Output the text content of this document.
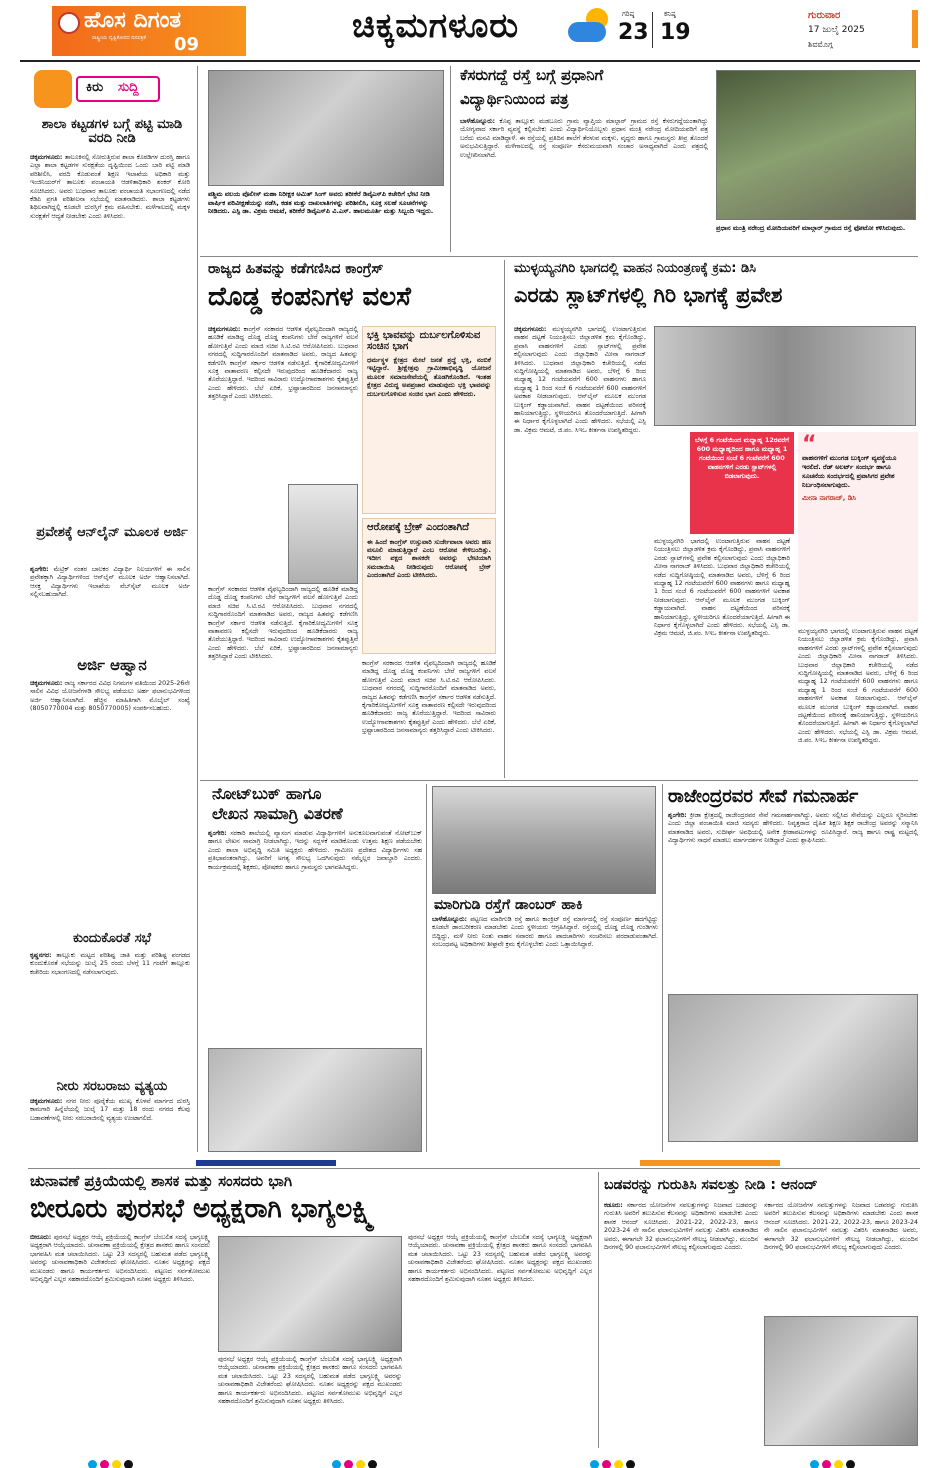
ಹೊಸ ದಿಗಂತ
ರಾಷ್ಟ್ರೀಯ ದೃಷ್ಟಿಕೋನದ ದಿನಪತ್ರಿಕೆ 09	ಚಿಕ್ಕಮಗಳೂರು	ಗರಿಷ್ಠ
23
ಕನಿಷ್ಠ
19
ಗುರುವಾರ
17 ಜುಲೈ 2025
ಶಿವಮೊಗ್ಗ
ಕಿರು ಸುದ್ದಿ
ಶಾಲಾ ಕಟ್ಟಡಗಳ ಬಗ್ಗೆ ಪಟ್ಟಿ ಮಾಡಿ ವರದಿ ನೀಡಿ
ಚಿಕ್ಕಮಗಳೂರು: ತಾಲೂಕಿನಲ್ಲಿ ಸೋರುತ್ತಿರುವ ಶಾಲಾ ಕೊಠಡಿಗಳ ದುರಸ್ತಿ ಹಾಗೂ ಎಲ್ಲಾ ಶಾಲಾ ಕಟ್ಟಡಗಳ ಸುರಕ್ಷತೆಯ ದೃಷ್ಟಿಯಿಂದ ಒಂದು ಬಾರಿ ಪಟ್ಟಿ ಮಾಡಿ ಪರಿಶೀಲಿಸಿ, ವರದಿ ಕೊಡುವಂತೆ ಶಿಕ್ಷಣ ಇಲಾಖೆಯ ಅಧಿಕಾರಿ ಮತ್ತು ಇಂಜಿನಿಯರ್‌ಗೆ ತಾಲೂಕು ಪಂಚಾಯತಿ ಆಡಳಿತಾಧಿಕಾರಿ ಶಂಕರ್ ಕೋರಿ ಸೂಚಿಸಿದರು. ಅವರು ಬುಧವಾರ ತಾಲೂಕು ಪಂಚಾಯತಿ ಸಭಾಂಗಣದಲ್ಲಿ ನಡೆದ ಕೆಡಿಪಿ ಪ್ರಗತಿ ಪರಿಶೀಲನಾ ಸಭೆಯಲ್ಲಿ ಮಾತನಾಡಿದರು. ಶಾಲಾ ಕಟ್ಟಡಗಳು ಶಿಥಿಲವಾಗಿದ್ದಲ್ಲಿ ಕೂಡಲೇ ದುರಸ್ತಿಗೆ ಕ್ರಮ ವಹಿಸಬೇಕು. ಮಳೆಗಾಲದಲ್ಲಿ ಮಕ್ಕಳ ಸುರಕ್ಷತೆಗೆ ಆದ್ಯತೆ ನೀಡಬೇಕು ಎಂದು ತಿಳಿಸಿದರು.
ಪ್ರವೇಶಕ್ಕೆ ಆನ್‌ಲೈನ್ ಮೂಲಕ ಅರ್ಜಿ
ಶೃಂಗೇರಿ: ಮೆಟ್ರಿಕ್ ನಂತರ ಬಾಲಕರ ವಿದ್ಯಾರ್ಥಿ ನಿಲಯಗಳಿಗೆ ಈ ಸಾಲಿನ ಪ್ರವೇಶಕ್ಕಾಗಿ ವಿದ್ಯಾರ್ಥಿಗಳಿಂದ ಆನ್‌ಲೈನ್ ಮೂಲಕ ಅರ್ಜಿ ಆಹ್ವಾನಿಸಲಾಗಿದೆ. ಆಸಕ್ತ ವಿದ್ಯಾರ್ಥಿಗಳು ಇಲಾಖೆಯ ವೆಬ್‌ಸೈಟ್ ಮೂಲಕ ಅರ್ಜಿ ಸಲ್ಲಿಸಬಹುದಾಗಿದೆ.
ಅರ್ಜಿ ಆಹ್ವಾನ
ಚಿಕ್ಕಮಗಳೂರು: ರಾಜ್ಯ ಸರ್ಕಾರದ ವಿವಿಧ ನಿಗಮಗಳ ವತಿಯಿಂದ 2025-26ನೇ ಸಾಲಿನ ವಿವಿಧ ಯೋಜನೆಗಳಡಿ ಸೌಲಭ್ಯ ಪಡೆಯಲು ಅರ್ಹ ಫಲಾನುಭವಿಗಳಿಂದ ಅರ್ಜಿ ಆಹ್ವಾನಿಸಲಾಗಿದೆ. ಹೆಚ್ಚಿನ ಮಾಹಿತಿಗಾಗಿ ಮೊಬೈಲ್ ಸಂಖ್ಯೆ (8050770004 ಮತ್ತು 8050770005) ಸಂಪರ್ಕಿಸಬಹುದು.
ಕುಂದುಕೊರತೆ ಸಭೆ
ಕೃಷ್ಣನಗರ: ತಾಲ್ಲೂಕು ಮಟ್ಟದ ಪರಿಶಿಷ್ಟ ಜಾತಿ ಮತ್ತು ಪರಿಶಿಷ್ಟ ಪಂಗಡದ ಕುಂದುಕೊರತೆ ಸಭೆಯನ್ನು ಜುಲೈ 25 ರಂದು ಬೆಳಗ್ಗೆ 11 ಗಂಟೆಗೆ ತಾಲ್ಲೂಕು ಕಚೇರಿಯ ಸಭಾಂಗಣದಲ್ಲಿ ನಡೆಸಲಾಗುವುದು.
ನೀರು ಸರಬರಾಜು ವ್ಯತ್ಯಯ
ಚಿಕ್ಕಮಗಳೂರು: ನಗರ ನೀರು ಪೂರೈಕೆಯ ಮುಖ್ಯ ಕೊಳವೆ ಮಾರ್ಗದ ದುರಸ್ತಿ ಕಾಮಗಾರಿ ಹಿನ್ನೆಲೆಯಲ್ಲಿ ಜುಲೈ 17 ಮತ್ತು 18 ರಂದು ನಗರದ ಕೆಲವು ಬಡಾವಣೆಗಳಲ್ಲಿ ನೀರು ಸರಬರಾಜಿನಲ್ಲಿ ವ್ಯತ್ಯಯ ಉಂಟಾಗಲಿದೆ.
ಪಶ್ಚಿಮ ವಲಯ ಪೊಲೀಸ್ ಮಹಾ ನಿರೀಕ್ಷಕ ಅಮಿತ್ ಸಿಂಗ್ ಅವರು ತರೀಕೆರೆ ಡಿವೈಎಸ್‌ಪಿ ಕಚೇರಿಗೆ ಭೇಟಿ ನೀಡಿ ವಾರ್ಷಿಕ ಪರಿವೀಕ್ಷಣೆಯನ್ನು ನಡೆಸಿ, ಕಡತ ಮತ್ತು ದಾಖಲಾತಿಗಳನ್ನು ಪರಿಶೀಲಿಸಿ, ಸೂಕ್ತ ಸಲಹೆ ಸೂಚನೆಗಳನ್ನು ನೀಡಿದರು. ಎಸ್ಪಿ ಡಾ. ವಿಕ್ರಮ ಆಮಟೆ, ತರೀಕೆರೆ ಡಿವೈಎಸ್‌ಪಿ ವಿ.ಎಸ್. ಹಾಲಮೂರ್ತಿ ಮತ್ತು ಸಿಬ್ಬಂದಿ ಇದ್ದರು.
ಕೆಸರುಗದ್ದೆ ರಸ್ತೆ ಬಗ್ಗೆ ಪ್ರಧಾನಿಗೆ
ವಿದ್ಯಾರ್ಥಿನಿಯಿಂದ ಪತ್ರ
ಬಾಳೆಹೊನ್ನೂರು: ಕೊಪ್ಪ ತಾಲ್ಲೂಕು ಮಡಬೂರು ಗ್ರಾಮ ವ್ಯಾಪ್ತಿಯ ಮಾಲ್ಗಾರ್ ಗ್ರಾಮದ ರಸ್ತೆ ಕೆಸರುಗದ್ದೆಯಂತಾಗಿದ್ದು ಯೋಗ್ಯವಾದ ಸರ್ಕಾರಿ ವ್ಯವಸ್ಥೆ ಕಲ್ಪಿಸಬೇಕು ಎಂದು ವಿದ್ಯಾರ್ಥಿನಿಯೊಬ್ಬಳು ಪ್ರಧಾನ ಮಂತ್ರಿ ನರೇಂದ್ರ ಮೋದಿಯವರಿಗೆ ಪತ್ರ ಬರೆದು ಮನವಿ ಮಾಡಿದ್ದಾಳೆ. ಈ ರಸ್ತೆಯಲ್ಲಿ ಪ್ರತಿದಿನ ಶಾಲೆಗೆ ತೆರಳುವ ಮಕ್ಕಳು, ವೃದ್ಧರು ಹಾಗೂ ಗ್ರಾಮಸ್ಥರು ತೀವ್ರ ತೊಂದರೆ ಅನುಭವಿಸುತ್ತಿದ್ದಾರೆ. ಮಳೆಗಾಲದಲ್ಲಿ ರಸ್ತೆ ಸಂಪೂರ್ಣ ಕೆಸರುಮಯವಾಗಿ ಸಂಚಾರ ಅಸಾಧ್ಯವಾಗಿದೆ ಎಂದು ಪತ್ರದಲ್ಲಿ ಉಲ್ಲೇಖಿಸಲಾಗಿದೆ.
ಪ್ರಧಾನ ಮಂತ್ರಿ ನರೇಂದ್ರ ಮೋದಿಯವರಿಗೆ ಮಾಲ್ಗಾರ್ ಗ್ರಾಮದ ರಸ್ತೆ ಫೋಟೋ ಕಳಿಸಿರುವುದು.
ರಾಜ್ಯದ ಹಿತವನ್ನು ಕಡೆಗಣಿಸಿದ ಕಾಂಗ್ರೆಸ್
ದೊಡ್ಡ ಕಂಪನಿಗಳ ವಲಸೆ
ಚಿಕ್ಕಮಗಳೂರು: ಕಾಂಗ್ರೆಸ್ ಸರಕಾರದ ಆಡಳಿತ ವೈಫಲ್ಯದಿಂದಾಗಿ ರಾಜ್ಯದಲ್ಲಿ ಹೂಡಿಕೆ ಮಾಡಿದ್ದ ದೊಡ್ಡ ದೊಡ್ಡ ಕಂಪನಿಗಳು ಬೇರೆ ರಾಜ್ಯಗಳಿಗೆ ವಲಸೆ ಹೋಗುತ್ತಿವೆ ಎಂದು ಮಾಜಿ ಸಚಿವ ಸಿ.ಟಿ.ರವಿ ಆರೋಪಿಸಿದರು. ಬುಧವಾರ ನಗರದಲ್ಲಿ ಸುದ್ದಿಗಾರರೊಂದಿಗೆ ಮಾತನಾಡಿದ ಅವರು, ರಾಜ್ಯದ ಹಿತವನ್ನು ಕಡೆಗಣಿಸಿ ಕಾಂಗ್ರೆಸ್ ಸರ್ಕಾರ ಆಡಳಿತ ನಡೆಸುತ್ತಿದೆ. ಕೈಗಾರಿಕೋದ್ಯಮಿಗಳಿಗೆ ಸೂಕ್ತ ವಾತಾವರಣ ಕಲ್ಪಿಸದೇ ಇರುವುದರಿಂದ ಹೂಡಿಕೆದಾರರು ರಾಜ್ಯ ತೊರೆಯುತ್ತಿದ್ದಾರೆ. ಇದರಿಂದ ಸಾವಿರಾರು ಉದ್ಯೋಗಾವಕಾಶಗಳು ಕೈತಪ್ಪುತ್ತಿವೆ ಎಂದು ಹೇಳಿದರು. ಬೆಲೆ ಏರಿಕೆ, ಭ್ರಷ್ಟಾಚಾರದಿಂದ ಜನಸಾಮಾನ್ಯರು ತತ್ತರಿಸಿದ್ದಾರೆ ಎಂದು ಟೀಕಿಸಿದರು.
ಕಾಂಗ್ರೆಸ್ ಸರಕಾರದ ಆಡಳಿತ ವೈಫಲ್ಯದಿಂದಾಗಿ ರಾಜ್ಯದಲ್ಲಿ ಹೂಡಿಕೆ ಮಾಡಿದ್ದ ದೊಡ್ಡ ದೊಡ್ಡ ಕಂಪನಿಗಳು ಬೇರೆ ರಾಜ್ಯಗಳಿಗೆ ವಲಸೆ ಹೋಗುತ್ತಿವೆ ಎಂದು ಮಾಜಿ ಸಚಿವ ಸಿ.ಟಿ.ರವಿ ಆರೋಪಿಸಿದರು. ಬುಧವಾರ ನಗರದಲ್ಲಿ ಸುದ್ದಿಗಾರರೊಂದಿಗೆ ಮಾತನಾಡಿದ ಅವರು, ರಾಜ್ಯದ ಹಿತವನ್ನು ಕಡೆಗಣಿಸಿ ಕಾಂಗ್ರೆಸ್ ಸರ್ಕಾರ ಆಡಳಿತ ನಡೆಸುತ್ತಿದೆ. ಕೈಗಾರಿಕೋದ್ಯಮಿಗಳಿಗೆ ಸೂಕ್ತ ವಾತಾವರಣ ಕಲ್ಪಿಸದೇ ಇರುವುದರಿಂದ ಹೂಡಿಕೆದಾರರು ರಾಜ್ಯ ತೊರೆಯುತ್ತಿದ್ದಾರೆ. ಇದರಿಂದ ಸಾವಿರಾರು ಉದ್ಯೋಗಾವಕಾಶಗಳು ಕೈತಪ್ಪುತ್ತಿವೆ ಎಂದು ಹೇಳಿದರು. ಬೆಲೆ ಏರಿಕೆ, ಭ್ರಷ್ಟಾಚಾರದಿಂದ ಜನಸಾಮಾನ್ಯರು ತತ್ತರಿಸಿದ್ದಾರೆ ಎಂದು ಟೀಕಿಸಿದರು.
ಭಕ್ತಿ ಭಾವವನ್ನು ದುರ್ಬಲಗೊಳಿಸುವ ಸಂಚಿನ ಭಾಗ
ಧರ್ಮಸ್ಥಳ ಕ್ಷೇತ್ರದ ಮೇಲೆ ಜನತೆ ಶ್ರದ್ಧೆ ಭಕ್ತಿ, ನಂಬಿಕೆ ಇಟ್ಟಿದ್ದಾರೆ. ಶ್ರೀಕ್ಷೇತ್ರವು ಗ್ರಾಮೀಣಾಭಿವೃದ್ಧಿ ಯೋಜನೆ ಮೂಲಕ ಸಮಾಜಸೇವೆಯಲ್ಲಿ ತೊಡಗಿಕೊಂಡಿದೆ. ಇಂತಹ ಕ್ಷೇತ್ರದ ವಿರುದ್ಧ ಅಪಪ್ರಚಾರ ಮಾಡುವುದು ಭಕ್ತಿ ಭಾವವನ್ನು ದುರ್ಬಲಗೊಳಿಸುವ ಸಂಚಿನ ಭಾಗ ಎಂದು ಹೇಳಿದರು.
ಆರೋಪಕ್ಕೆ ಬ್ರೇಕ್ ಎಂದಂತಾಗಿದೆ
ಈ ಹಿಂದೆ ಕಾಂಗ್ರೆಸ್ ಉಸ್ತುವಾರಿ ಸುರ್ಜೇವಾಲಾ ಅವರು ಹಣ ವಸೂಲಿ ಮಾಡುತ್ತಿದ್ದಾರೆ ಎಂಬ ಆರೋಪ ಕೇಳಿಬಂದಿತ್ತು. ಇದೀಗ ಪಕ್ಷದ ಶಾಸಕರೇ ಅವರನ್ನು ಭೇಟಿಯಾಗಿ ಸಮಜಾಯಿಷಿ ನೀಡಿರುವುದು ಆರೋಪಕ್ಕೆ ಬ್ರೇಕ್ ಎಂದಂತಾಗಿದೆ ಎಂದು ಟೀಕಿಸಿದರು.
ಕಾಂಗ್ರೆಸ್ ಸರಕಾರದ ಆಡಳಿತ ವೈಫಲ್ಯದಿಂದಾಗಿ ರಾಜ್ಯದಲ್ಲಿ ಹೂಡಿಕೆ ಮಾಡಿದ್ದ ದೊಡ್ಡ ದೊಡ್ಡ ಕಂಪನಿಗಳು ಬೇರೆ ರಾಜ್ಯಗಳಿಗೆ ವಲಸೆ ಹೋಗುತ್ತಿವೆ ಎಂದು ಮಾಜಿ ಸಚಿವ ಸಿ.ಟಿ.ರವಿ ಆರೋಪಿಸಿದರು. ಬುಧವಾರ ನಗರದಲ್ಲಿ ಸುದ್ದಿಗಾರರೊಂದಿಗೆ ಮಾತನಾಡಿದ ಅವರು, ರಾಜ್ಯದ ಹಿತವನ್ನು ಕಡೆಗಣಿಸಿ ಕಾಂಗ್ರೆಸ್ ಸರ್ಕಾರ ಆಡಳಿತ ನಡೆಸುತ್ತಿದೆ. ಕೈಗಾರಿಕೋದ್ಯಮಿಗಳಿಗೆ ಸೂಕ್ತ ವಾತಾವರಣ ಕಲ್ಪಿಸದೇ ಇರುವುದರಿಂದ ಹೂಡಿಕೆದಾರರು ರಾಜ್ಯ ತೊರೆಯುತ್ತಿದ್ದಾರೆ. ಇದರಿಂದ ಸಾವಿರಾರು ಉದ್ಯೋಗಾವಕಾಶಗಳು ಕೈತಪ್ಪುತ್ತಿವೆ ಎಂದು ಹೇಳಿದರು. ಬೆಲೆ ಏರಿಕೆ, ಭ್ರಷ್ಟಾಚಾರದಿಂದ ಜನಸಾಮಾನ್ಯರು ತತ್ತರಿಸಿದ್ದಾರೆ ಎಂದು ಟೀಕಿಸಿದರು.
ಮುಳ್ಳಯ್ಯನಗಿರಿ ಭಾಗದಲ್ಲಿ ವಾಹನ ನಿಯಂತ್ರಣಕ್ಕೆ ಕ್ರಮ: ಡಿಸಿ
ಎರಡು ಸ್ಲಾಟ್‌ಗಳಲ್ಲಿ ಗಿರಿ ಭಾಗಕ್ಕೆ ಪ್ರವೇಶ
ಚಿಕ್ಕಮಗಳೂರು: ಮುಳ್ಳಯ್ಯನಗಿರಿ ಭಾಗದಲ್ಲಿ ಉಂಟಾಗುತ್ತಿರುವ ವಾಹನ ದಟ್ಟಣೆ ನಿಯಂತ್ರಿಸಲು ಜಿಲ್ಲಾಡಳಿತ ಕ್ರಮ ಕೈಗೊಂಡಿದ್ದು, ಪ್ರವಾಸಿ ವಾಹನಗಳಿಗೆ ಎರಡು ಸ್ಲಾಟ್‌ಗಳಲ್ಲಿ ಪ್ರವೇಶ ಕಲ್ಪಿಸಲಾಗುವುದು ಎಂದು ಜಿಲ್ಲಾಧಿಕಾರಿ ಮೀನಾ ನಾಗರಾಜ್ ತಿಳಿಸಿದರು. ಬುಧವಾರ ಜಿಲ್ಲಾಧಿಕಾರಿ ಕಚೇರಿಯಲ್ಲಿ ನಡೆದ ಸುದ್ದಿಗೋಷ್ಠಿಯಲ್ಲಿ ಮಾತನಾಡಿದ ಅವರು, ಬೆಳಿಗ್ಗೆ 6 ರಿಂದ ಮಧ್ಯಾಹ್ನ 12 ಗಂಟೆಯವರೆಗೆ 600 ವಾಹನಗಳು ಹಾಗೂ ಮಧ್ಯಾಹ್ನ 1 ರಿಂದ ಸಂಜೆ 6 ಗಂಟೆಯವರೆಗೆ 600 ವಾಹನಗಳಿಗೆ ಅವಕಾಶ ನೀಡಲಾಗುವುದು. ಆನ್‌ಲೈನ್ ಮೂಲಕ ಮುಂಗಡ ಬುಕ್ಕಿಂಗ್ ಕಡ್ಡಾಯವಾಗಿದೆ. ವಾಹನ ದಟ್ಟಣೆಯಿಂದ ಪರಿಸರಕ್ಕೆ ಹಾನಿಯಾಗುತ್ತಿದ್ದು, ಸ್ಥಳೀಯರಿಗೂ ತೊಂದರೆಯಾಗುತ್ತಿದೆ. ಹೀಗಾಗಿ ಈ ನಿರ್ಧಾರ ಕೈಗೊಳ್ಳಲಾಗಿದೆ ಎಂದು ಹೇಳಿದರು. ಸಭೆಯಲ್ಲಿ ಎಸ್ಪಿ ಡಾ. ವಿಕ್ರಮ ಆಮಟೆ, ಜಿ.ಪಂ. ಸಿಇಒ ಕೀರ್ತನಾ ಉಪಸ್ಥಿತರಿದ್ದರು.
ಬೆಳಗ್ಗೆ 6 ಗಂಟೆಯಿಂದ ಮಧ್ಯಾಹ್ನ 12ರವರೆಗೆ 600 ಮಧ್ಯಾಹ್ನದಿಂದ ಹಾಗೂ ಮಧ್ಯಾಹ್ನ 1 ಗಂಟೆಯಿಂದ ಸಂಜೆ 6 ಗಂಟೆವರೆಗೆ 600 ವಾಹನಗಳಿಗೆ ಎರಡು ಸ್ಲಾಟ್‌ಗಳಲ್ಲಿ ಬಿಡಲಾಗುವುದು.
ಮುಳ್ಳಯ್ಯನಗಿರಿ ಭಾಗದಲ್ಲಿ ಉಂಟಾಗುತ್ತಿರುವ ವಾಹನ ದಟ್ಟಣೆ ನಿಯಂತ್ರಿಸಲು ಜಿಲ್ಲಾಡಳಿತ ಕ್ರಮ ಕೈಗೊಂಡಿದ್ದು, ಪ್ರವಾಸಿ ವಾಹನಗಳಿಗೆ ಎರಡು ಸ್ಲಾಟ್‌ಗಳಲ್ಲಿ ಪ್ರವೇಶ ಕಲ್ಪಿಸಲಾಗುವುದು ಎಂದು ಜಿಲ್ಲಾಧಿಕಾರಿ ಮೀನಾ ನಾಗರಾಜ್ ತಿಳಿಸಿದರು. ಬುಧವಾರ ಜಿಲ್ಲಾಧಿಕಾರಿ ಕಚೇರಿಯಲ್ಲಿ ನಡೆದ ಸುದ್ದಿಗೋಷ್ಠಿಯಲ್ಲಿ ಮಾತನಾಡಿದ ಅವರು, ಬೆಳಿಗ್ಗೆ 6 ರಿಂದ ಮಧ್ಯಾಹ್ನ 12 ಗಂಟೆಯವರೆಗೆ 600 ವಾಹನಗಳು ಹಾಗೂ ಮಧ್ಯಾಹ್ನ 1 ರಿಂದ ಸಂಜೆ 6 ಗಂಟೆಯವರೆಗೆ 600 ವಾಹನಗಳಿಗೆ ಅವಕಾಶ ನೀಡಲಾಗುವುದು. ಆನ್‌ಲೈನ್ ಮೂಲಕ ಮುಂಗಡ ಬುಕ್ಕಿಂಗ್ ಕಡ್ಡಾಯವಾಗಿದೆ. ವಾಹನ ದಟ್ಟಣೆಯಿಂದ ಪರಿಸರಕ್ಕೆ ಹಾನಿಯಾಗುತ್ತಿದ್ದು, ಸ್ಥಳೀಯರಿಗೂ ತೊಂದರೆಯಾಗುತ್ತಿದೆ. ಹೀಗಾಗಿ ಈ ನಿರ್ಧಾರ ಕೈಗೊಳ್ಳಲಾಗಿದೆ ಎಂದು ಹೇಳಿದರು. ಸಭೆಯಲ್ಲಿ ಎಸ್ಪಿ ಡಾ. ವಿಕ್ರಮ ಆಮಟೆ, ಜಿ.ಪಂ. ಸಿಇಒ ಕೀರ್ತನಾ ಉಪಸ್ಥಿತರಿದ್ದರು.
“
ವಾಹನಗಳಿಗೆ ಮುಂಗಡ ಬುಕ್ಕಿಂಗ್ ವ್ಯವಸ್ಥೆಯೂ ಇರಲಿದೆ. ರೆಡ್ ಅಲರ್ಟ್ ಸಂದರ್ಭ ಹಾಗೂ ಸೂಚನೆಯ ಸಂದರ್ಭದಲ್ಲಿ ಪ್ರವಾಸಿಗರ ಪ್ರವೇಶ ನಿರ್ಬಂಧಿಸಲಾಗುವುದು.
ಮೀನಾ ನಾಗರಾಜ್, ಡಿಸಿ
ಮುಳ್ಳಯ್ಯನಗಿರಿ ಭಾಗದಲ್ಲಿ ಉಂಟಾಗುತ್ತಿರುವ ವಾಹನ ದಟ್ಟಣೆ ನಿಯಂತ್ರಿಸಲು ಜಿಲ್ಲಾಡಳಿತ ಕ್ರಮ ಕೈಗೊಂಡಿದ್ದು, ಪ್ರವಾಸಿ ವಾಹನಗಳಿಗೆ ಎರಡು ಸ್ಲಾಟ್‌ಗಳಲ್ಲಿ ಪ್ರವೇಶ ಕಲ್ಪಿಸಲಾಗುವುದು ಎಂದು ಜಿಲ್ಲಾಧಿಕಾರಿ ಮೀನಾ ನಾಗರಾಜ್ ತಿಳಿಸಿದರು. ಬುಧವಾರ ಜಿಲ್ಲಾಧಿಕಾರಿ ಕಚೇರಿಯಲ್ಲಿ ನಡೆದ ಸುದ್ದಿಗೋಷ್ಠಿಯಲ್ಲಿ ಮಾತನಾಡಿದ ಅವರು, ಬೆಳಿಗ್ಗೆ 6 ರಿಂದ ಮಧ್ಯಾಹ್ನ 12 ಗಂಟೆಯವರೆಗೆ 600 ವಾಹನಗಳು ಹಾಗೂ ಮಧ್ಯಾಹ್ನ 1 ರಿಂದ ಸಂಜೆ 6 ಗಂಟೆಯವರೆಗೆ 600 ವಾಹನಗಳಿಗೆ ಅವಕಾಶ ನೀಡಲಾಗುವುದು. ಆನ್‌ಲೈನ್ ಮೂಲಕ ಮುಂಗಡ ಬುಕ್ಕಿಂಗ್ ಕಡ್ಡಾಯವಾಗಿದೆ. ವಾಹನ ದಟ್ಟಣೆಯಿಂದ ಪರಿಸರಕ್ಕೆ ಹಾನಿಯಾಗುತ್ತಿದ್ದು, ಸ್ಥಳೀಯರಿಗೂ ತೊಂದರೆಯಾಗುತ್ತಿದೆ. ಹೀಗಾಗಿ ಈ ನಿರ್ಧಾರ ಕೈಗೊಳ್ಳಲಾಗಿದೆ ಎಂದು ಹೇಳಿದರು. ಸಭೆಯಲ್ಲಿ ಎಸ್ಪಿ ಡಾ. ವಿಕ್ರಮ ಆಮಟೆ, ಜಿ.ಪಂ. ಸಿಇಒ ಕೀರ್ತನಾ ಉಪಸ್ಥಿತರಿದ್ದರು.
ನೋಟ್‌ಬುಕ್ ಹಾಗೂ
ಲೇಖನ ಸಾಮಾಗ್ರಿ ವಿತರಣೆ
ಶೃಂಗೇರಿ: ಸರಕಾರಿ ಶಾಲೆಯಲ್ಲಿ ವ್ಯಾಸಂಗ ಮಾಡುವ ವಿದ್ಯಾರ್ಥಿಗಳಿಗೆ ಅನುಕೂಲವಾಗುವಂತೆ ನೋಟ್‌ಬುಕ್ ಹಾಗೂ ಲೇಖನ ಸಾಮಾಗ್ರಿ ನೀಡಲಾಗಿದ್ದು, ಇದನ್ನು ಸದ್ಬಳಕೆ ಮಾಡಿಕೊಂಡು ಉತ್ತಮ ಶಿಕ್ಷಣ ಪಡೆಯಬೇಕು ಎಂದು ಶಾಲಾ ಅಭಿವೃದ್ಧಿ ಸಮಿತಿ ಅಧ್ಯಕ್ಷರು ಹೇಳಿದರು. ಗ್ರಾಮೀಣ ಪ್ರದೇಶದ ವಿದ್ಯಾರ್ಥಿಗಳು ಸಹ ಪ್ರತಿಭಾವಂತರಾಗಿದ್ದು, ಅವರಿಗೆ ಅಗತ್ಯ ಸೌಲಭ್ಯ ಒದಗಿಸುವುದು ನಮ್ಮೆಲ್ಲರ ಜವಾಬ್ದಾರಿ ಎಂದರು. ಕಾರ್ಯಕ್ರಮದಲ್ಲಿ ಶಿಕ್ಷಕರು, ಪೋಷಕರು ಹಾಗೂ ಗ್ರಾಮಸ್ಥರು ಭಾಗವಹಿಸಿದ್ದರು.
ಮಾರಿಗುಡಿ ರಸ್ತೆಗೆ ಡಾಂಬರ್ ಹಾಕಿ
ಬಾಳೆಹೊನ್ನೂರು: ಪಟ್ಟಣದ ಮಾರಿಗುಡಿ ರಸ್ತೆ ಹಾಗೂ ಕಾಂಕ್ರಿಟ್ ರಸ್ತೆ ಮಾರ್ಗದಲ್ಲಿ ರಸ್ತೆ ಸಂಪೂರ್ಣ ಹದಗೆಟ್ಟಿದ್ದು ಕೂಡಲೇ ಡಾಂಬರೀಕರಣ ಮಾಡಬೇಕು ಎಂದು ಸ್ಥಳೀಯರು ಆಗ್ರಹಿಸಿದ್ದಾರೆ. ರಸ್ತೆಯಲ್ಲಿ ದೊಡ್ಡ ದೊಡ್ಡ ಗುಂಡಿಗಳು ಬಿದ್ದಿದ್ದು, ಮಳೆ ನೀರು ನಿಂತು ವಾಹನ ಸವಾರರು ಹಾಗೂ ಪಾದಚಾರಿಗಳು ಸಂಚರಿಸಲು ಪರದಾಡುವಂತಾಗಿದೆ. ಸಂಬಂಧಪಟ್ಟ ಅಧಿಕಾರಿಗಳು ಶೀಘ್ರವೇ ಕ್ರಮ ಕೈಗೊಳ್ಳಬೇಕು ಎಂದು ಒತ್ತಾಯಿಸಿದ್ದಾರೆ.
ರಾಜೇಂದ್ರರವರ ಸೇವೆ ಗಮನಾರ್ಹ
ಶೃಂಗೇರಿ: ಕ್ರೀಡಾ ಕ್ಷೇತ್ರದಲ್ಲಿ ರಾಜೇಂದ್ರರವರ ಸೇವೆ ಗಮನಾರ್ಹವಾಗಿದ್ದು, ಅವರು ಸಲ್ಲಿಸಿದ ಸೇವೆಯನ್ನು ಎಲ್ಲರೂ ಸ್ಮರಿಸಬೇಕು ಎಂದು ಜಿಲ್ಲಾ ಪಂಚಾಯಿತಿ ಮಾಜಿ ಸದಸ್ಯರು ಹೇಳಿದರು. ನಿವೃತ್ತರಾದ ದೈಹಿಕ ಶಿಕ್ಷಣ ಶಿಕ್ಷಕ ರಾಜೇಂದ್ರ ಅವರನ್ನು ಸನ್ಮಾನಿಸಿ ಮಾತನಾಡಿದ ಅವರು, ಸುದೀರ್ಘ ಅವಧಿಯಲ್ಲಿ ಅನೇಕ ಕ್ರೀಡಾಪಟುಗಳನ್ನು ರೂಪಿಸಿದ್ದಾರೆ. ರಾಜ್ಯ ಹಾಗೂ ರಾಷ್ಟ್ರ ಮಟ್ಟದಲ್ಲಿ ವಿದ್ಯಾರ್ಥಿಗಳು ಸಾಧನೆ ಮಾಡಲು ಮಾರ್ಗದರ್ಶನ ನೀಡಿದ್ದಾರೆ ಎಂದು ಶ್ಲಾಘಿಸಿದರು.
ಚುನಾವಣೆ ಪ್ರಕ್ರಿಯೆಯಲ್ಲಿ ಶಾಸಕ ಮತ್ತು ಸಂಸದರು ಭಾಗಿ
ಬೀರೂರು ಪುರಸಭೆ ಅಧ್ಯಕ್ಷರಾಗಿ ಭಾಗ್ಯಲಕ್ಷ್ಮಿ
ಬೀರೂರು: ಪುರಸಭೆ ಅಧ್ಯಕ್ಷರ ಆಯ್ಕೆ ಪ್ರಕ್ರಿಯೆಯಲ್ಲಿ ಕಾಂಗ್ರೆಸ್ ಬೆಂಬಲಿತ ಸದಸ್ಯೆ ಭಾಗ್ಯಲಕ್ಷ್ಮಿ ಅಧ್ಯಕ್ಷರಾಗಿ ಆಯ್ಕೆಯಾದರು. ಚುನಾವಣಾ ಪ್ರಕ್ರಿಯೆಯಲ್ಲಿ ಕ್ಷೇತ್ರದ ಶಾಸಕರು ಹಾಗೂ ಸಂಸದರು ಭಾಗವಹಿಸಿ ಮತ ಚಲಾಯಿಸಿದರು. ಒಟ್ಟು 23 ಸದಸ್ಯರಲ್ಲಿ ಬಹುಮತ ಪಡೆದ ಭಾಗ್ಯಲಕ್ಷ್ಮಿ ಅವರನ್ನು ಚುನಾವಣಾಧಿಕಾರಿ ವಿಜೇತರೆಂದು ಘೋಷಿಸಿದರು. ನೂತನ ಅಧ್ಯಕ್ಷರನ್ನು ಪಕ್ಷದ ಮುಖಂಡರು ಹಾಗೂ ಕಾರ್ಯಕರ್ತರು ಅಭಿನಂದಿಸಿದರು. ಪಟ್ಟಣದ ಸರ್ವತೋಮುಖ ಅಭಿವೃದ್ಧಿಗೆ ಎಲ್ಲರ ಸಹಕಾರದೊಂದಿಗೆ ಶ್ರಮಿಸುವುದಾಗಿ ನೂತನ ಅಧ್ಯಕ್ಷರು ತಿಳಿಸಿದರು.
ಪುರಸಭೆ ಅಧ್ಯಕ್ಷರ ಆಯ್ಕೆ ಪ್ರಕ್ರಿಯೆಯಲ್ಲಿ ಕಾಂಗ್ರೆಸ್ ಬೆಂಬಲಿತ ಸದಸ್ಯೆ ಭಾಗ್ಯಲಕ್ಷ್ಮಿ ಅಧ್ಯಕ್ಷರಾಗಿ ಆಯ್ಕೆಯಾದರು. ಚುನಾವಣಾ ಪ್ರಕ್ರಿಯೆಯಲ್ಲಿ ಕ್ಷೇತ್ರದ ಶಾಸಕರು ಹಾಗೂ ಸಂಸದರು ಭಾಗವಹಿಸಿ ಮತ ಚಲಾಯಿಸಿದರು. ಒಟ್ಟು 23 ಸದಸ್ಯರಲ್ಲಿ ಬಹುಮತ ಪಡೆದ ಭಾಗ್ಯಲಕ್ಷ್ಮಿ ಅವರನ್ನು ಚುನಾವಣಾಧಿಕಾರಿ ವಿಜೇತರೆಂದು ಘೋಷಿಸಿದರು. ನೂತನ ಅಧ್ಯಕ್ಷರನ್ನು ಪಕ್ಷದ ಮುಖಂಡರು ಹಾಗೂ ಕಾರ್ಯಕರ್ತರು ಅಭಿನಂದಿಸಿದರು. ಪಟ್ಟಣದ ಸರ್ವತೋಮುಖ ಅಭಿವೃದ್ಧಿಗೆ ಎಲ್ಲರ ಸಹಕಾರದೊಂದಿಗೆ ಶ್ರಮಿಸುವುದಾಗಿ ನೂತನ ಅಧ್ಯಕ್ಷರು ತಿಳಿಸಿದರು.
ಪುರಸಭೆ ಅಧ್ಯಕ್ಷರ ಆಯ್ಕೆ ಪ್ರಕ್ರಿಯೆಯಲ್ಲಿ ಕಾಂಗ್ರೆಸ್ ಬೆಂಬಲಿತ ಸದಸ್ಯೆ ಭಾಗ್ಯಲಕ್ಷ್ಮಿ ಅಧ್ಯಕ್ಷರಾಗಿ ಆಯ್ಕೆಯಾದರು. ಚುನಾವಣಾ ಪ್ರಕ್ರಿಯೆಯಲ್ಲಿ ಕ್ಷೇತ್ರದ ಶಾಸಕರು ಹಾಗೂ ಸಂಸದರು ಭಾಗವಹಿಸಿ ಮತ ಚಲಾಯಿಸಿದರು. ಒಟ್ಟು 23 ಸದಸ್ಯರಲ್ಲಿ ಬಹುಮತ ಪಡೆದ ಭಾಗ್ಯಲಕ್ಷ್ಮಿ ಅವರನ್ನು ಚುನಾವಣಾಧಿಕಾರಿ ವಿಜೇತರೆಂದು ಘೋಷಿಸಿದರು. ನೂತನ ಅಧ್ಯಕ್ಷರನ್ನು ಪಕ್ಷದ ಮುಖಂಡರು ಹಾಗೂ ಕಾರ್ಯಕರ್ತರು ಅಭಿನಂದಿಸಿದರು. ಪಟ್ಟಣದ ಸರ್ವತೋಮುಖ ಅಭಿವೃದ್ಧಿಗೆ ಎಲ್ಲರ ಸಹಕಾರದೊಂದಿಗೆ ಶ್ರಮಿಸುವುದಾಗಿ ನೂತನ ಅಧ್ಯಕ್ಷರು ತಿಳಿಸಿದರು.
ಬಡವರನ್ನು ಗುರುತಿಸಿ ಸವಲತ್ತು ನೀಡಿ : ಆನಂದ್
ಕಡೂರು: ಸರ್ಕಾರದ ಯೋಜನೆಗಳ ಸವಲತ್ತುಗಳನ್ನು ನಿಜವಾದ ಬಡವರನ್ನು ಗುರುತಿಸಿ ಅವರಿಗೆ ತಲುಪಿಸುವ ಕೆಲಸವನ್ನು ಅಧಿಕಾರಿಗಳು ಮಾಡಬೇಕು ಎಂದು ಶಾಸಕ ಆನಂದ್ ಸೂಚಿಸಿದರು. 2021-22, 2022-23, ಹಾಗೂ 2023-24 ನೇ ಸಾಲಿನ ಫಲಾನುಭವಿಗಳಿಗೆ ಸವಲತ್ತು ವಿತರಿಸಿ ಮಾತನಾಡಿದ ಅವರು, ಈಗಾಗಲೇ 32 ಫಲಾನುಭವಿಗಳಿಗೆ ಸೌಲಭ್ಯ ನೀಡಲಾಗಿದ್ದು, ಮುಂದಿನ ದಿನಗಳಲ್ಲಿ 90 ಫಲಾನುಭವಿಗಳಿಗೆ ಸೌಲಭ್ಯ ಕಲ್ಪಿಸಲಾಗುವುದು ಎಂದರು.
ಸರ್ಕಾರದ ಯೋಜನೆಗಳ ಸವಲತ್ತುಗಳನ್ನು ನಿಜವಾದ ಬಡವರನ್ನು ಗುರುತಿಸಿ ಅವರಿಗೆ ತಲುಪಿಸುವ ಕೆಲಸವನ್ನು ಅಧಿಕಾರಿಗಳು ಮಾಡಬೇಕು ಎಂದು ಶಾಸಕ ಆನಂದ್ ಸೂಚಿಸಿದರು. 2021-22, 2022-23, ಹಾಗೂ 2023-24 ನೇ ಸಾಲಿನ ಫಲಾನುಭವಿಗಳಿಗೆ ಸವಲತ್ತು ವಿತರಿಸಿ ಮಾತನಾಡಿದ ಅವರು, ಈಗಾಗಲೇ 32 ಫಲಾನುಭವಿಗಳಿಗೆ ಸೌಲಭ್ಯ ನೀಡಲಾಗಿದ್ದು, ಮುಂದಿನ ದಿನಗಳಲ್ಲಿ 90 ಫಲಾನುಭವಿಗಳಿಗೆ ಸೌಲಭ್ಯ ಕಲ್ಪಿಸಲಾಗುವುದು ಎಂದರು.
